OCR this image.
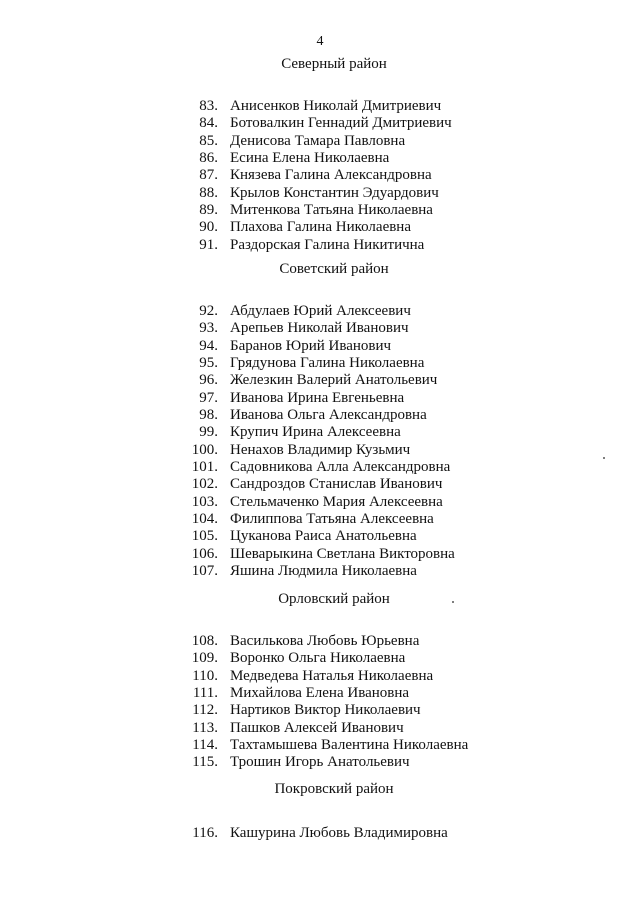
4
Северный район
83. Анисенков Николай Дмитриевич
84. Ботовалкин Геннадий Дмитриевич
85. Денисова Тамара Павловна
86. Есина Елена Николаевна
87. Князева Галина Александровна
88. Крылов Константин Эдуардович
89. Митенкова Татьяна Николаевна
90. Плахова Галина Николаевна
91. Раздорская Галина Никитична
Советский район
92. Абдулаев Юрий Алексеевич
93. Арепьев Николай Иванович
94. Баранов Юрий Иванович
95. Грядунова Галина Николаевна
96. Железкин Валерий Анатольевич
97. Иванова Ирина Евгеньевна
98. Иванова Ольга Александровна
99. Крупич Ирина Алексеевна
100. Ненахов Владимир Кузьмич
101. Садовникова Алла Александровна
102. Сандроздов Станислав Иванович
103. Стельмаченко Мария Алексеевна
104. Филиппова Татьяна Алексеевна
105. Цуканова Раиса Анатольевна
106. Шеварыкина Светлана Викторовна
107. Яшина Людмила Николаевна
Орловский район
108. Василькова Любовь Юрьевна
109. Воронко Ольга Николаевна
110. Медведева Наталья Николаевна
111. Михайлова Елена Ивановна
112. Нартиков Виктор Николаевич
113. Пашков Алексей Иванович
114. Тахтамышева Валентина Николаевна
115. Трошин Игорь Анатольевич
Покровский район
116. Кашурина Любовь Владимировна
